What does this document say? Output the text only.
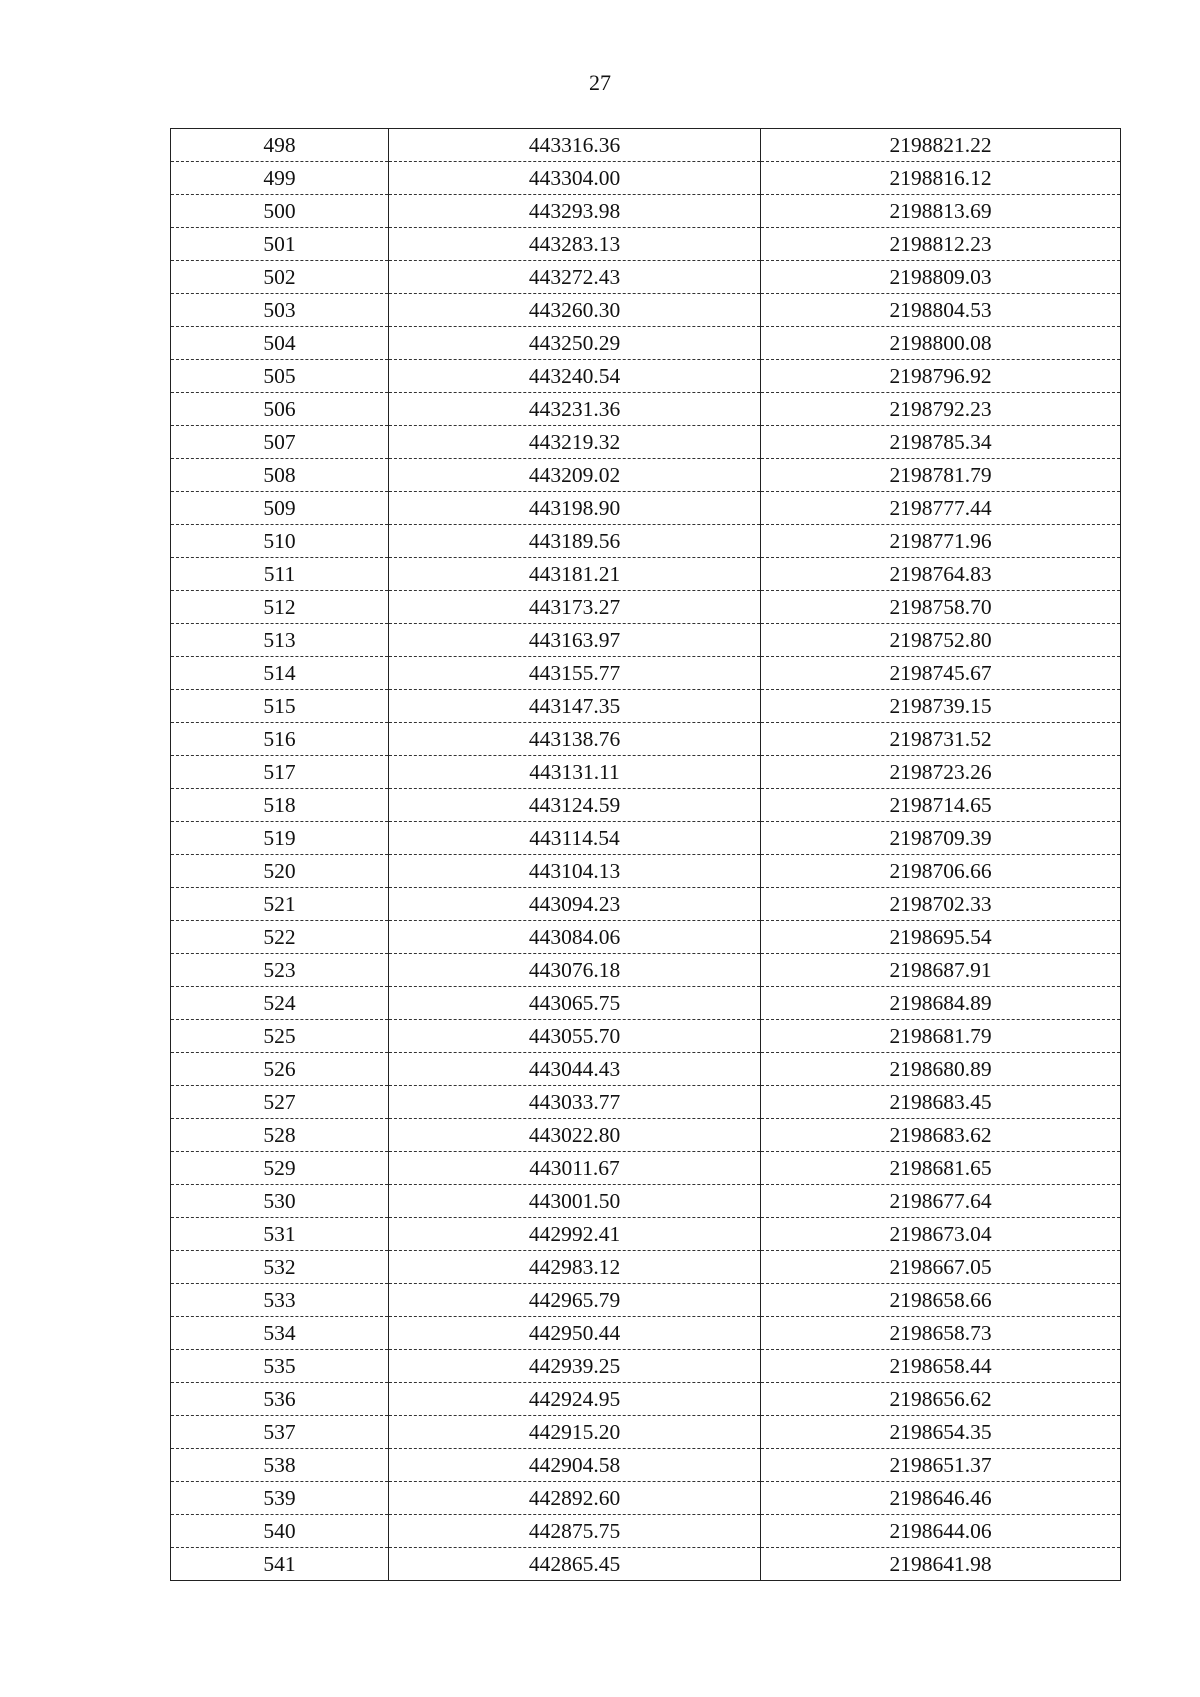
27
498	443316.36	2198821.22
499	443304.00	2198816.12
500	443293.98	2198813.69
501	443283.13	2198812.23
502	443272.43	2198809.03
503	443260.30	2198804.53
504	443250.29	2198800.08
505	443240.54	2198796.92
506	443231.36	2198792.23
507	443219.32	2198785.34
508	443209.02	2198781.79
509	443198.90	2198777.44
510	443189.56	2198771.96
511	443181.21	2198764.83
512	443173.27	2198758.70
513	443163.97	2198752.80
514	443155.77	2198745.67
515	443147.35	2198739.15
516	443138.76	2198731.52
517	443131.11	2198723.26
518	443124.59	2198714.65
519	443114.54	2198709.39
520	443104.13	2198706.66
521	443094.23	2198702.33
522	443084.06	2198695.54
523	443076.18	2198687.91
524	443065.75	2198684.89
525	443055.70	2198681.79
526	443044.43	2198680.89
527	443033.77	2198683.45
528	443022.80	2198683.62
529	443011.67	2198681.65
530	443001.50	2198677.64
531	442992.41	2198673.04
532	442983.12	2198667.05
533	442965.79	2198658.66
534	442950.44	2198658.73
535	442939.25	2198658.44
536	442924.95	2198656.62
537	442915.20	2198654.35
538	442904.58	2198651.37
539	442892.60	2198646.46
540	442875.75	2198644.06
541	442865.45	2198641.98
